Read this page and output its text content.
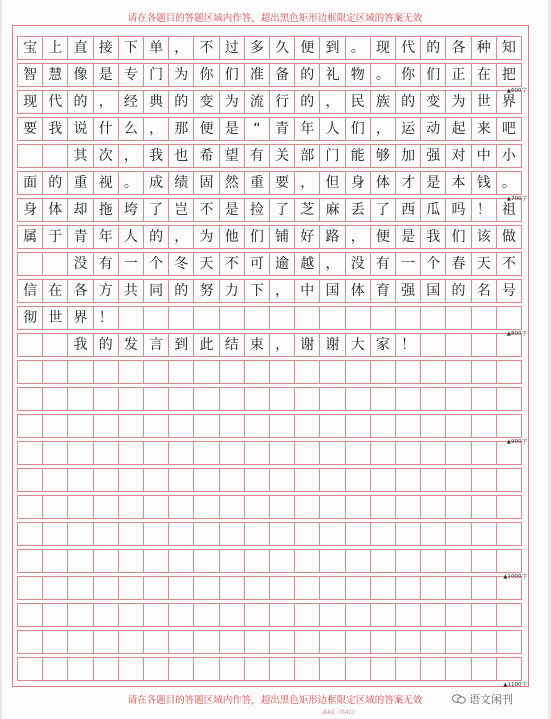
请在各题目的答题区域内作答，超出黑色矩形边框限定区域的答案无效
宝 上 直 接 下 单 ， 不 过 多 久 便 到 。 现 代 的 各 种 知
智 慧 像 是 专 门 为 你 们 准 备 的 礼 物 。 你 们 正 在 把
现 代 的 ， 经 典 的 变 为 流 行 的 ， 民 族 的 变 为 世 界
要 我 说 什 么 ， 那 便 是	“	青 年 人 们 ， 运 动 起 来 吧
其 次 ， 我 也 希 望 有 关 部 门 能 够 加 强 对 中 小
面 的 重 视 。 成 绩 固 然 重 要 ， 但 身 体 才 是 本 钱 。
身 体 却 拖 垮 了 岂 不 是 捡 了 芝 麻 丢 了 西 瓜 吗 ！ 祖
属 于 青 年 人 的 ， 为 他 们 铺 好 路 ， 便 是 我 们 该 做
没 有 一 个 冬 天 不 可 逾 越 ， 没 有 一 个 春 天 不
信 在 各 方 共 同 的 努 力 下 ， 中 国 体 育 强 国 的 名 号
彻 世 界 ！
我 的 发 言 到 此 结 束 ， 谢 谢 大 家 ！
▲600字
▲700字
▲800字
▲900字
▲1000字
▲1100字
请在各题目的答题区域内作答，超出黑色矩形边框限定区域的答案无效
第4页（共4页）
语文闲刊
